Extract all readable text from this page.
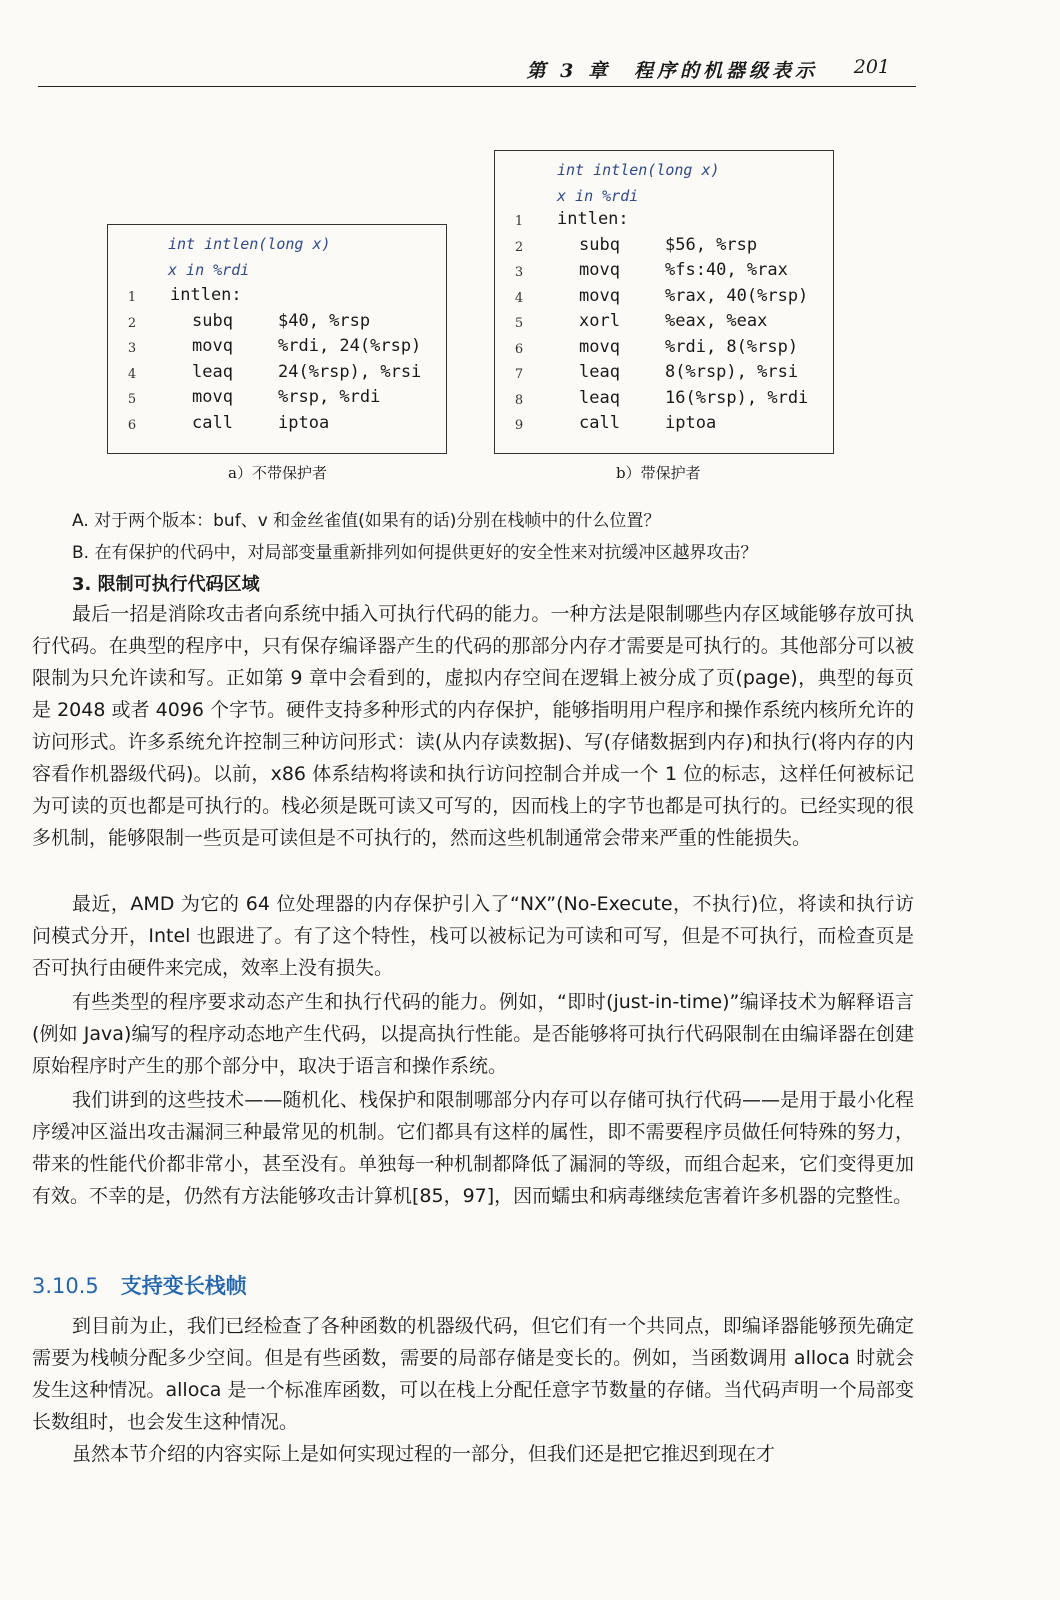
第 3 章　程序的机器级表示 201
int intlen(long x)
x in %rdi
1	intlen:
2	subq	$40, %rsp
3	movq	%rdi, 24(%rsp)
4	leaq	24(%rsp), %rsi
5	movq	%rsp, %rdi
6	call	iptoa
a）不带保护者
int intlen(long x)
x in %rdi
1	intlen:
2	subq	$56, %rsp
3	movq	%fs:40, %rax
4	movq	%rax, 40(%rsp)
5	xorl	%eax, %eax
6	movq	%rdi, 8(%rsp)
7	leaq	8(%rsp), %rsi
8	leaq	16(%rsp), %rdi
9	call	iptoa
b）带保护者
A. 对于两个版本：buf、v 和金丝雀值(如果有的话)分别在栈帧中的什么位置？
B. 在有保护的代码中，对局部变量重新排列如何提供更好的安全性来对抗缓冲区越界攻击？
3. 限制可执行代码区域
最后一招是消除攻击者向系统中插入可执行代码的能力。一种方法是限制哪些内存区域能够存放可执行代码。在典型的程序中，只有保存编译器产生的代码的那部分内存才需要是可执行的。其他部分可以被限制为只允许读和写。正如第 9 章中会看到的，虚拟内存空间在逻辑上被分成了页(page)，典型的每页是 2048 或者 4096 个字节。硬件支持多种形式的内存保护，能够指明用户程序和操作系统内核所允许的访问形式。许多系统允许控制三种访问形式：读(从内存读数据)、写(存储数据到内存)和执行(将内存的内容看作机器级代码)。以前，x86 体系结构将读和执行访问控制合并成一个 1 位的标志，这样任何被标记为可读的页也都是可执行的。栈必须是既可读又可写的，因而栈上的字节也都是可执行的。已经实现的很多机制，能够限制一些页是可读但是不可执行的，然而这些机制通常会带来严重的性能损失。
最近，AMD 为它的 64 位处理器的内存保护引入了“NX”(No-Execute，不执行)位，将读和执行访问模式分开，Intel 也跟进了。有了这个特性，栈可以被标记为可读和可写，但是不可执行，而检查页是否可执行由硬件来完成，效率上没有损失。
有些类型的程序要求动态产生和执行代码的能力。例如，“即时(just-in-time)”编译技术为解释语言(例如 Java)编写的程序动态地产生代码，以提高执行性能。是否能够将可执行代码限制在由编译器在创建原始程序时产生的那个部分中，取决于语言和操作系统。
我们讲到的这些技术——随机化、栈保护和限制哪部分内存可以存储可执行代码——是用于最小化程序缓冲区溢出攻击漏洞三种最常见的机制。它们都具有这样的属性，即不需要程序员做任何特殊的努力，带来的性能代价都非常小，甚至没有。单独每一种机制都降低了漏洞的等级，而组合起来，它们变得更加有效。不幸的是，仍然有方法能够攻击计算机[85，97]，因而蠕虫和病毒继续危害着许多机器的完整性。
3.10.5 支持变长栈帧
到目前为止，我们已经检查了各种函数的机器级代码，但它们有一个共同点，即编译器能够预先确定需要为栈帧分配多少空间。但是有些函数，需要的局部存储是变长的。例如，当函数调用 alloca 时就会发生这种情况。alloca 是一个标准库函数，可以在栈上分配任意字节数量的存储。当代码声明一个局部变长数组时，也会发生这种情况。
虽然本节介绍的内容实际上是如何实现过程的一部分，但我们还是把它推迟到现在才
